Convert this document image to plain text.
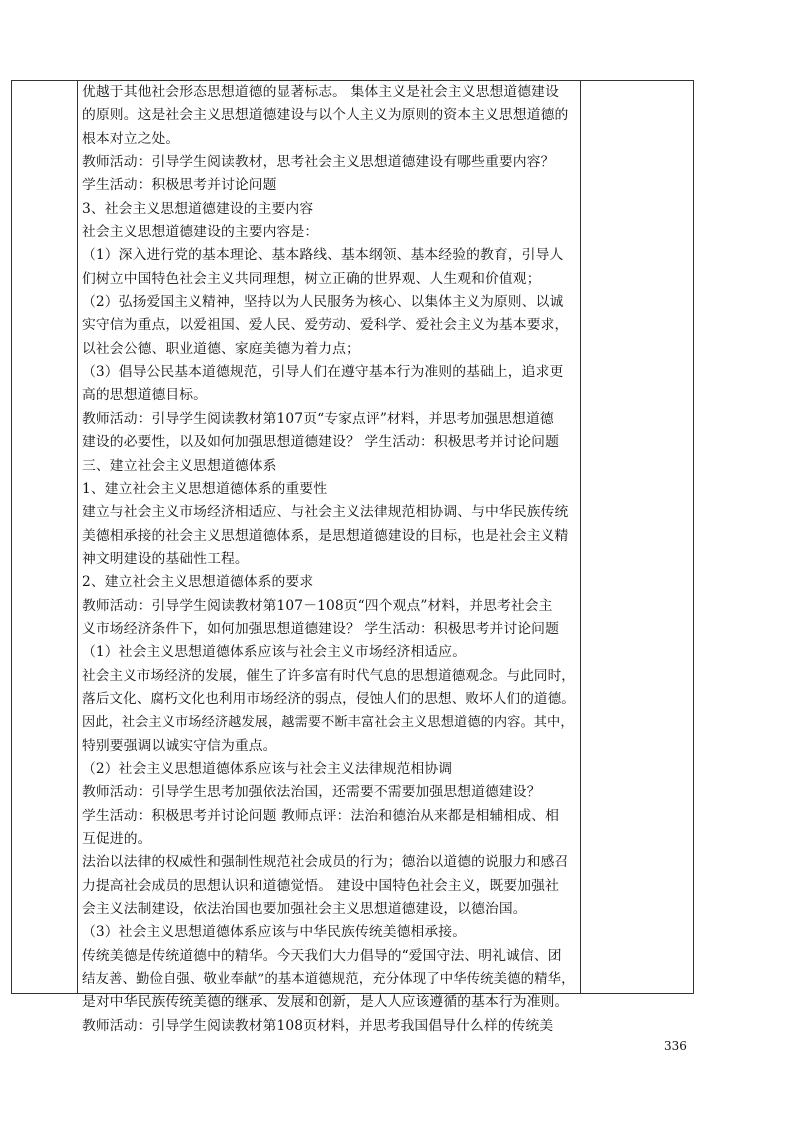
优越于其他社会形态思想道德的显著标志。 集体主义是社会主义思想道德建设
的原则。这是社会主义思想道德建设与以个人主义为原则的资本主义思想道德的
根本对立之处。
教师活动：引导学生阅读教材，思考社会主义思想道德建设有哪些重要内容？
学生活动：积极思考并讨论问题
3、社会主义思想道德建设的主要内容
社会主义思想道德建设的主要内容是：
（1）深入进行党的基本理论、基本路线、基本纲领、基本经验的教育，引导人
们树立中国特色社会主义共同理想，树立正确的世界观、人生观和价值观；
（2）弘扬爱国主义精神，坚持以为人民服务为核心、以集体主义为原则、以诚
实守信为重点，以爱祖国、爱人民、爱劳动、爱科学、爱社会主义为基本要求，
以社会公德、职业道德、家庭美德为着力点；
（3）倡导公民基本道德规范，引导人们在遵守基本行为准则的基础上，追求更
高的思想道德目标。
教师活动：引导学生阅读教材第107页“专家点评”材料，并思考加强思想道德
建设的必要性，以及如何加强思想道德建设？ 学生活动：积极思考并讨论问题
三、建立社会主义思想道德体系
1、建立社会主义思想道德体系的重要性
建立与社会主义市场经济相适应、与社会主义法律规范相协调、与中华民族传统
美德相承接的社会主义思想道德体系，是思想道德建设的目标，也是社会主义精
神文明建设的基础性工程。
2、建立社会主义思想道德体系的要求
教师活动：引导学生阅读教材第107－108页“四个观点”材料，并思考社会主
义市场经济条件下，如何加强思想道德建设？ 学生活动：积极思考并讨论问题
（1）社会主义思想道德体系应该与社会主义市场经济相适应。
社会主义市场经济的发展，催生了许多富有时代气息的思想道德观念。与此同时，
落后文化、腐朽文化也利用市场经济的弱点，侵蚀人们的思想、败坏人们的道德。
因此，社会主义市场经济越发展，越需要不断丰富社会主义思想道德的内容。其中，
特别要强调以诚实守信为重点。
（2）社会主义思想道德体系应该与社会主义法律规范相协调
教师活动：引导学生思考加强依法治国，还需要不需要加强思想道德建设？
学生活动：积极思考并讨论问题 教师点评：法治和德治从来都是相辅相成、相
互促进的。
法治以法律的权威性和强制性规范社会成员的行为；德治以道德的说服力和感召
力提高社会成员的思想认识和道德觉悟。 建设中国特色社会主义，既要加强社
会主义法制建设，依法治国也要加强社会主义思想道德建设，以德治国。
（3）社会主义思想道德体系应该与中华民族传统美德相承接。
传统美德是传统道德中的精华。今天我们大力倡导的“爱国守法、明礼诚信、团
结友善、勤俭自强、敬业奉献”的基本道德规范，充分体现了中华传统美德的精华，
是对中华民族传统美德的继承、发展和创新，是人人应该遵循的基本行为准则。
教师活动：引导学生阅读教材第108页材料，并思考我国倡导什么样的传统美
336
